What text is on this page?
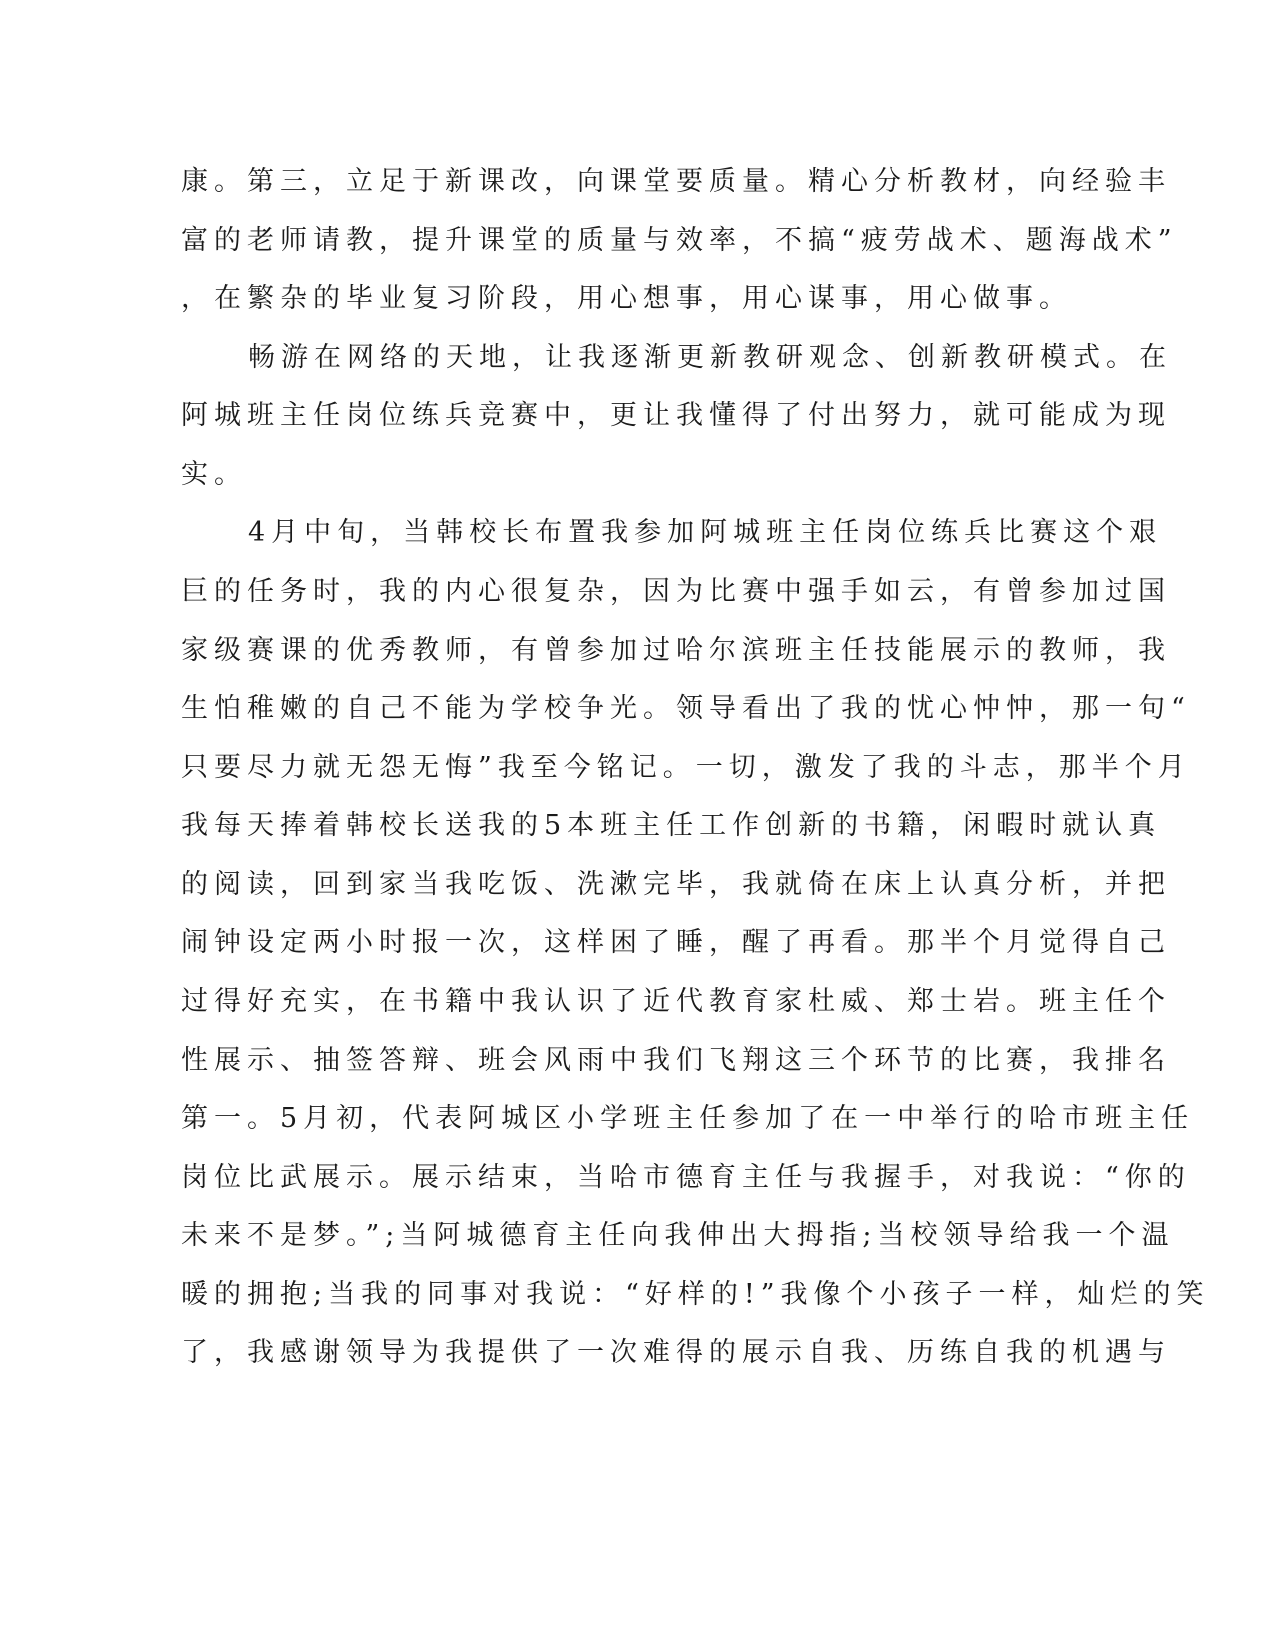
康。第三，立足于新课改，向课堂要质量。精心分析教材，向经验丰
富的老师请教，提升课堂的质量与效率，不搞“疲劳战术、题海战术”
，在繁杂的毕业复习阶段，用心想事，用心谋事，用心做事。
畅游在网络的天地，让我逐渐更新教研观念、创新教研模式。在
阿城班主任岗位练兵竞赛中，更让我懂得了付出努力，就可能成为现
实。
4月中旬，当韩校长布置我参加阿城班主任岗位练兵比赛这个艰
巨的任务时，我的内心很复杂，因为比赛中强手如云，有曾参加过国
家级赛课的优秀教师，有曾参加过哈尔滨班主任技能展示的教师，我
生怕稚嫩的自己不能为学校争光。领导看出了我的忧心忡忡，那一句“
只要尽力就无怨无悔”我至今铭记。一切，激发了我的斗志，那半个月
我每天捧着韩校长送我的5本班主任工作创新的书籍，闲暇时就认真
的阅读，回到家当我吃饭、洗漱完毕，我就倚在床上认真分析，并把
闹钟设定两小时报一次，这样困了睡，醒了再看。那半个月觉得自己
过得好充实，在书籍中我认识了近代教育家杜威、郑士岩。班主任个
性展示、抽签答辩、班会风雨中我们飞翔这三个环节的比赛，我排名
第一。5月初，代表阿城区小学班主任参加了在一中举行的哈市班主任
岗位比武展示。展示结束，当哈市德育主任与我握手，对我说：“你的
未来不是梦。”;当阿城德育主任向我伸出大拇指;当校领导给我一个温
暖的拥抱;当我的同事对我说：“好样的!”我像个小孩子一样，灿烂的笑
了，我感谢领导为我提供了一次难得的展示自我、历练自我的机遇与
